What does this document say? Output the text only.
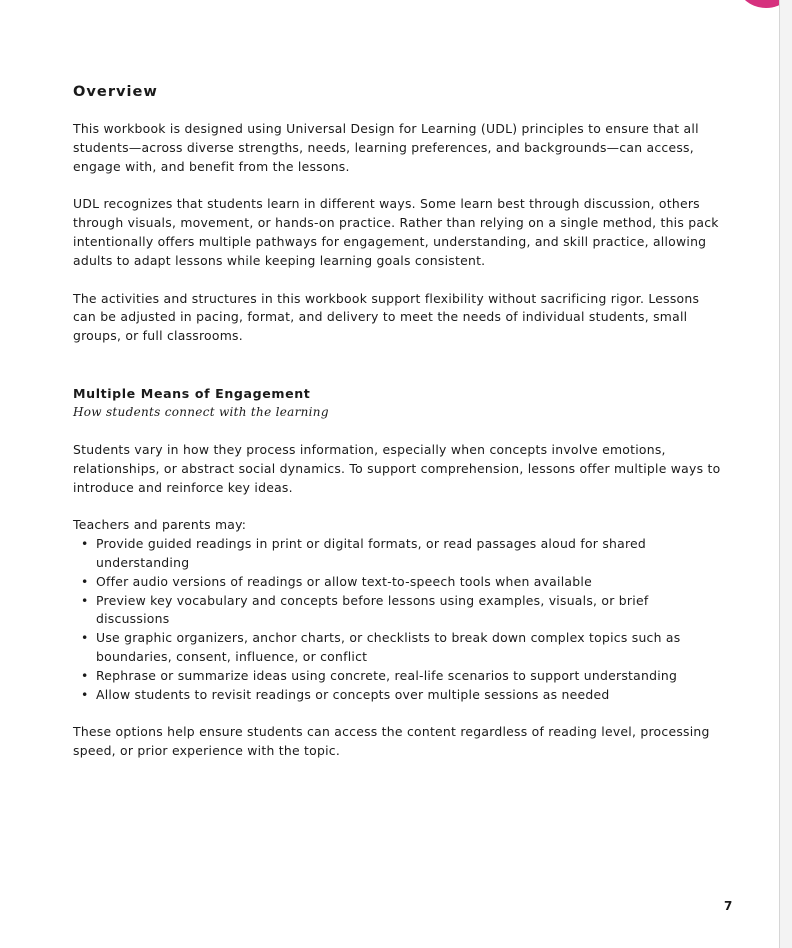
Overview

This workbook is designed using Universal Design for Learning (UDL) principles to ensure that all students—across diverse strengths, needs, learning preferences, and backgrounds—can access, engage with, and benefit from the lessons.

UDL recognizes that students learn in different ways. Some learn best through discussion, others through visuals, movement, or hands-on practice. Rather than relying on a single method, this pack intentionally offers multiple pathways for engagement, understanding, and skill practice, allowing adults to adapt lessons while keeping learning goals consistent.

The activities and structures in this workbook support flexibility without sacrificing rigor. Lessons can be adjusted in pacing, format, and delivery to meet the needs of individual students, small groups, or full classrooms.

Multiple Means of Engagement
How students connect with the learning

Students vary in how they process information, especially when concepts involve emotions, relationships, or abstract social dynamics. To support comprehension, lessons offer multiple ways to introduce and reinforce key ideas.

Teachers and parents may:

• Provide guided readings in print or digital formats, or read passages aloud for shared understanding
• Offer audio versions of readings or allow text-to-speech tools when available
• Preview key vocabulary and concepts before lessons using examples, visuals, or brief discussions
• Use graphic organizers, anchor charts, or checklists to break down complex topics such as boundaries, consent, influence, or conflict
• Rephrase or summarize ideas using concrete, real-life scenarios to support understanding
• Allow students to revisit readings or concepts over multiple sessions as needed

These options help ensure students can access the content regardless of reading level, processing speed, or prior experience with the topic.

7
